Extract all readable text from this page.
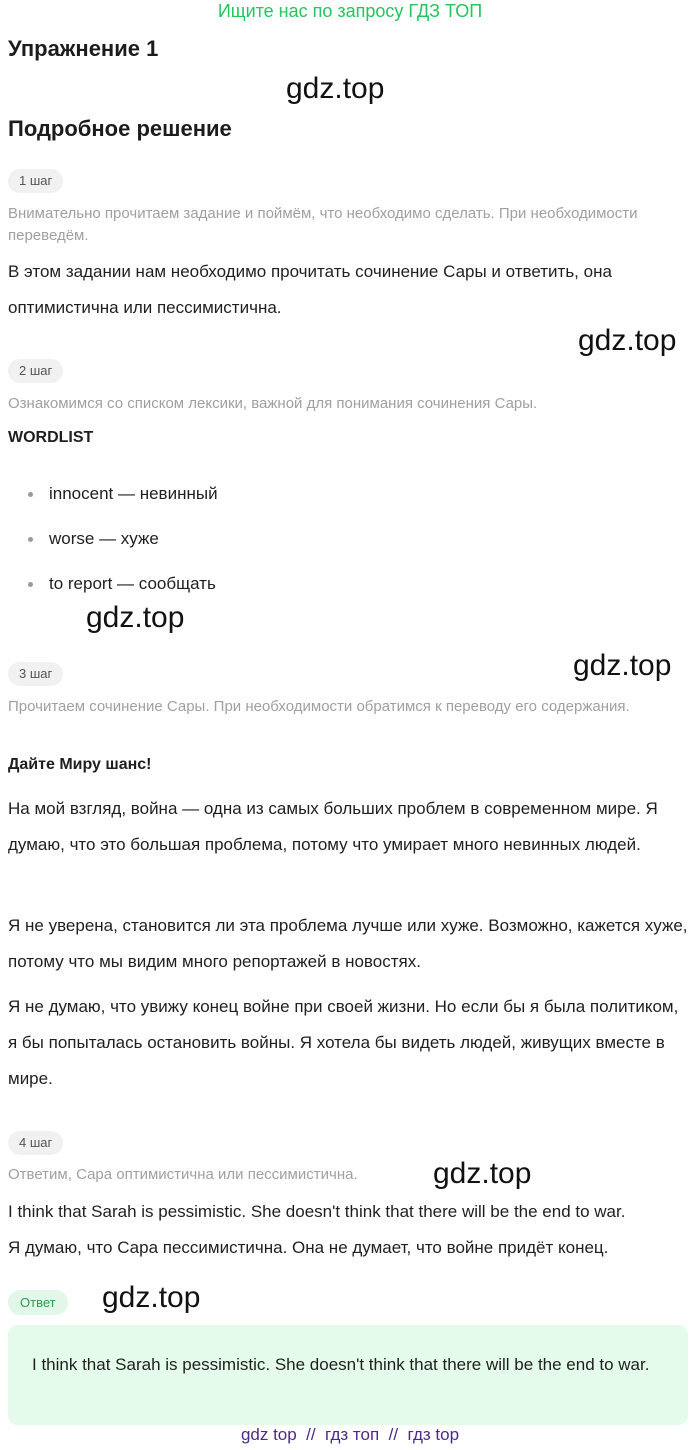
Ищите нас по запросу ГДЗ ТОП
Упражнение 1
gdz.top
Подробное решение
1 шаг
Внимательно прочитаем задание и поймём, что необходимо сделать. При необходимости переведём.
В этом задании нам необходимо прочитать сочинение Сары и ответить, она оптимистична или пессимистична.
gdz.top
2 шаг
Ознакомимся со списком лексики, важной для понимания сочинения Сары.
WORDLIST
innocent — невинный
worse — хуже
to report — сообщать
gdz.top
gdz.top
3 шаг
Прочитаем сочинение Сары. При необходимости обратимся к переводу его содержания.
Дайте Миру шанс!
На мой взгляд, война — одна из самых больших проблем в современном мире. Я думаю, что это большая проблема, потому что умирает много невинных людей.
Я не уверена, становится ли эта проблема лучше или хуже. Возможно, кажется хуже, потому что мы видим много репортажей в новостях.
Я не думаю, что увижу конец войне при своей жизни. Но если бы я была политиком, я бы попыталась остановить войны. Я хотела бы видеть людей, живущих вместе в мире.
4 шаг
Ответим, Сара оптимистична или пессимистична.	gdz.top
I think that Sarah is pessimistic. She doesn't think that there will be the end to war.
Я думаю, что Сара пессимистична. Она не думает, что войне придёт конец.
Ответ	gdz.top
I think that Sarah is pessimistic. She doesn't think that there will be the end to war.
gdz top  //  гдз топ  //  гдз top
